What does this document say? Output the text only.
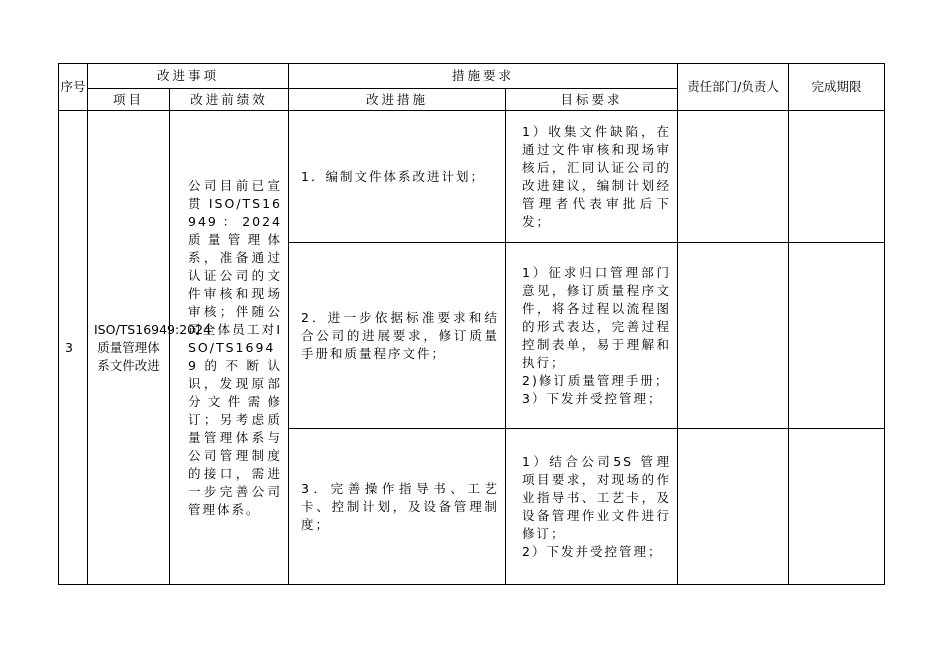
序号	改进事项		措施要求		责任部门/负责人	完成期限
	项目	改进前绩效	改进措施	目标要求		
3	ISO/TS16949:2024质量管理体系文件改进	公司目前已宣贯ISO/TS16949：2024质量管理体系，准备通过认证公司的文件审核和现场审核；伴随公司全体员工对ISO/TS16949的不断认识，发现原部分文件需修订；另考虑质量管理体系与公司管理制度的接口，需进一步完善公司管理体系。	1．编制文件体系改进计划；	1）收集文件缺陷，在通过文件审核和现场审核后，汇同认证公司的改进建议，编制计划经管理者代表审批后下发；		

			2．进一步依据标准要求和结合公司的进展要求，修订质量手册和质量程序文件；	1）征求归口管理部门意见，修订质量程序文件，将各过程以流程图的形式表达，完善过程控制表单，易于理解和执行；

2)修订质量管理手册；

3）下发并受控管理；		

			3．完善操作指导书、工艺卡、控制计划，及设备管理制度；	1）结合公司5S 管理项目要求，对现场的作业指导书、工艺卡，及设备管理作业文件进行修订；

2）下发并受控管理；		
